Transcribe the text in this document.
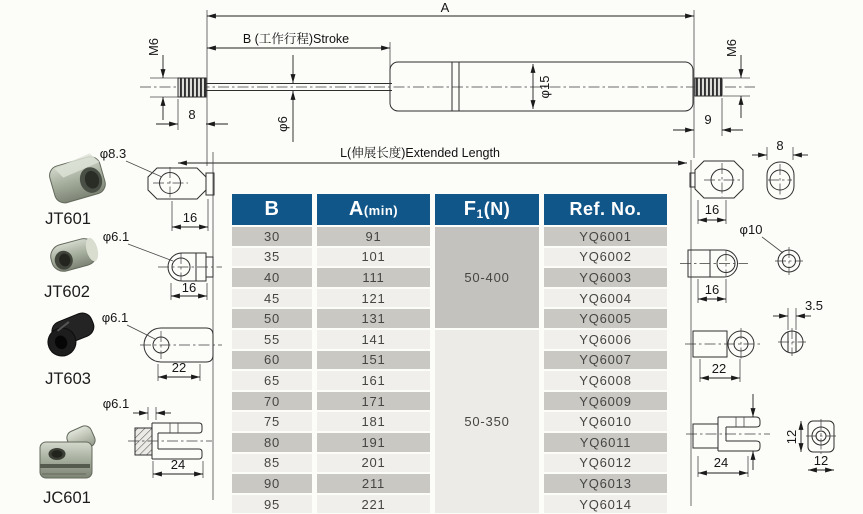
A
B (工作行程)Stroke
M6
φ6
φ15
M6
8	9
L(伸展长度)Extended Length
φ8.3
16
φ6.1
16
φ6.1
22
φ6.1
24
JT601
JT602
JT603
JC601
16
8
16
φ10
22
3.5
24
12
12
B	A(min)	F1(N)	Ref. No.
30	91	50-400	YQ6001
35	101		YQ6002
40	111		YQ6003
45	121		YQ6004
50	131		YQ6005
55	141	50-350	YQ6006
60	151		YQ6007
65	161		YQ6008
70	171		YQ6009
75	181		YQ6010
80	191		YQ6011
85	201		YQ6012
90	211		YQ6013
95	221		YQ6014
